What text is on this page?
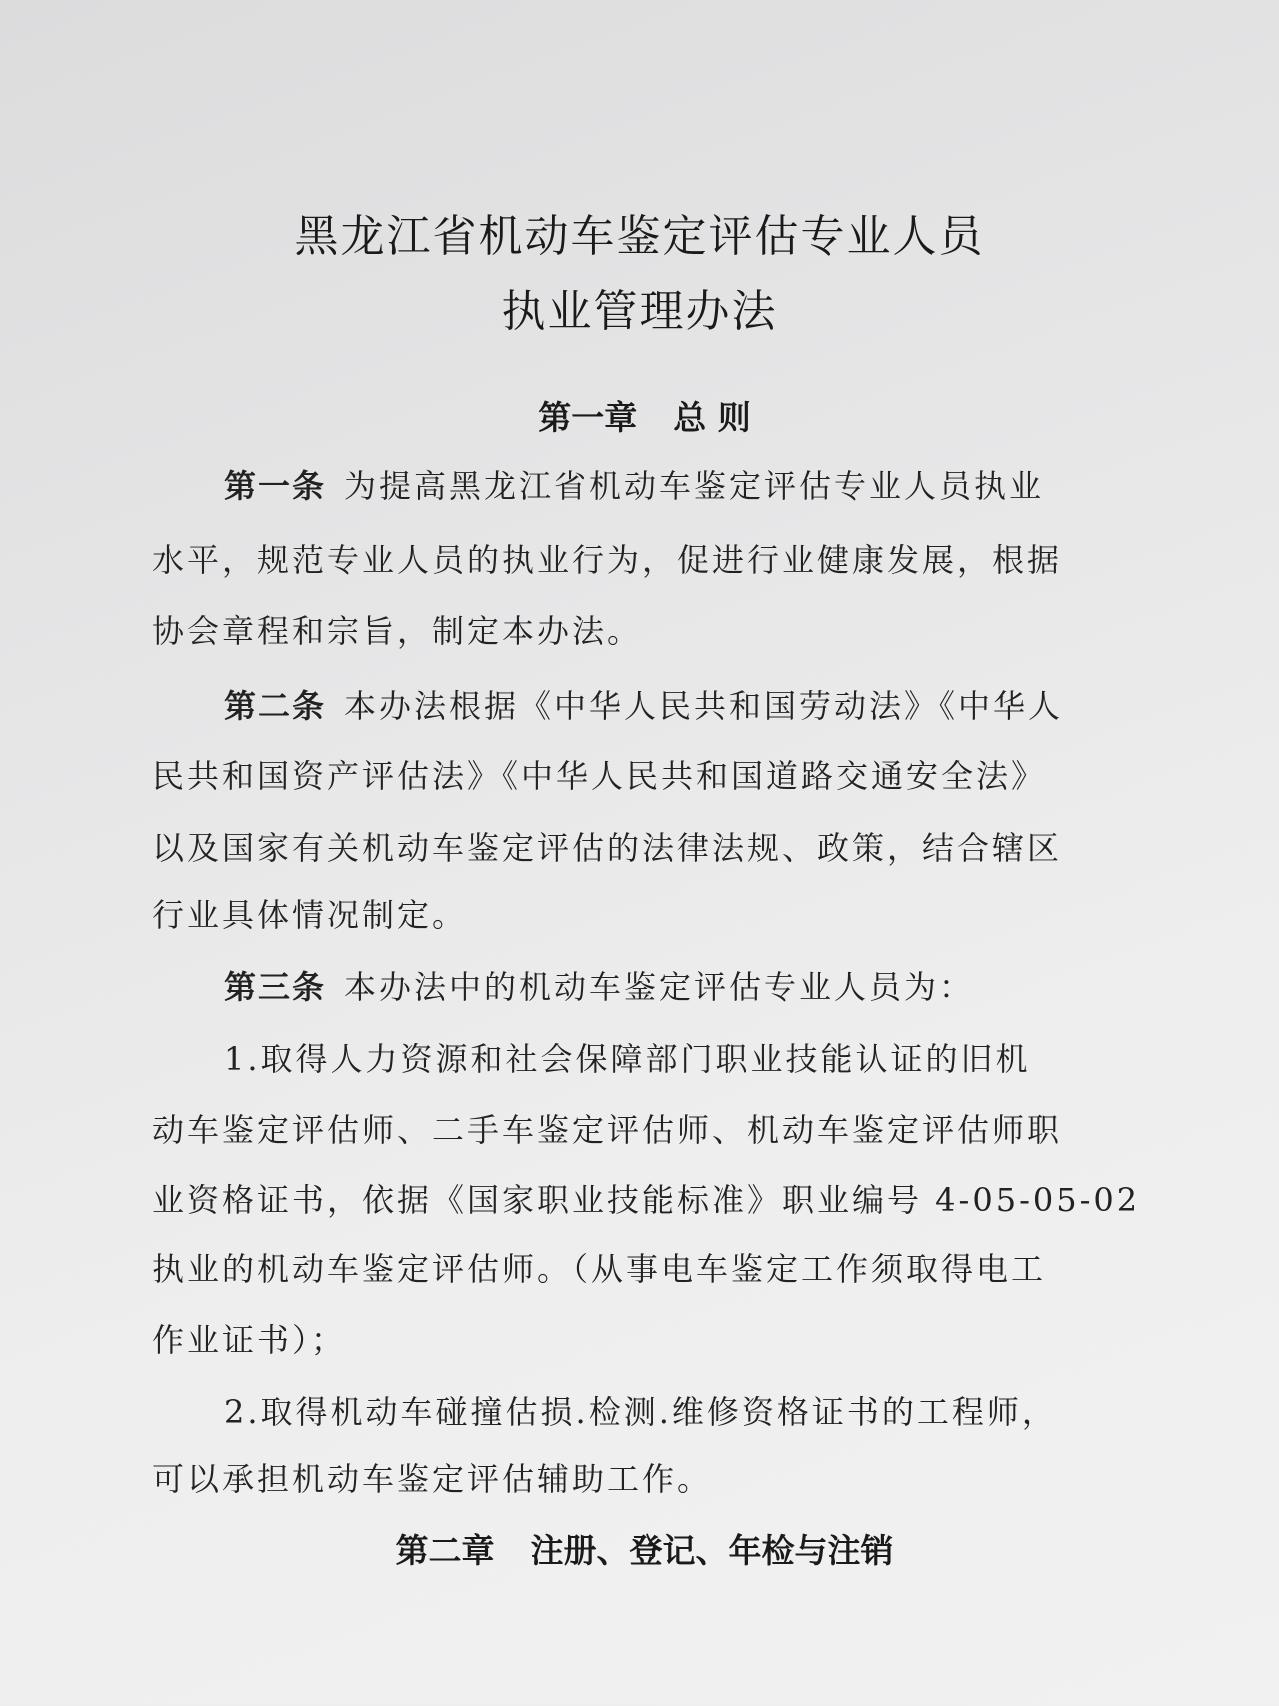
黑龙江省机动车鉴定评估专业人员
执业管理办法
第一章 总 则
第一条 为提高黑龙江省机动车鉴定评估专业人员执业
水平，规范专业人员的执业行为，促进行业健康发展，根据
协会章程和宗旨，制定本办法。
第二条 本办法根据《中华人民共和国劳动法》《中华人
民共和国资产评估法》《中华人民共和国道路交通安全法》
以及国家有关机动车鉴定评估的法律法规、政策，结合辖区
行业具体情况制定。
第三条 本办法中的机动车鉴定评估专业人员为：
1.取得人力资源和社会保障部门职业技能认证的旧机
动车鉴定评估师、二手车鉴定评估师、机动车鉴定评估师职
业资格证书，依据《国家职业技能标准》职业编号 4-05-05-02
执业的机动车鉴定评估师。（从事电车鉴定工作须取得电工
作业证书）；
2.取得机动车碰撞估损.检测.维修资格证书的工程师，
可以承担机动车鉴定评估辅助工作。
第二章 注册、登记、年检与注销
